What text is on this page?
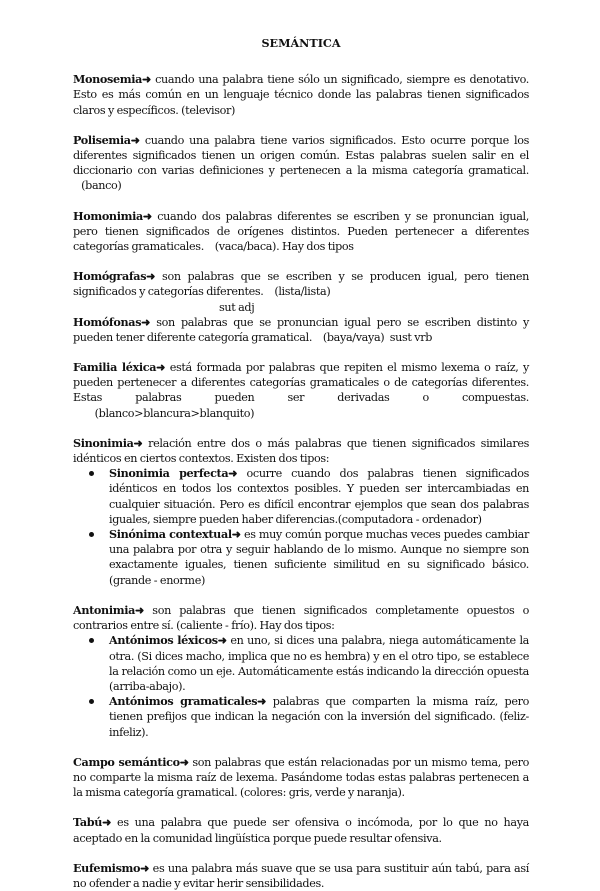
SEMÁNTICA

Monosemia➜ cuando una palabra tiene sólo un significado, siempre es denotativo. Esto es más común en un lenguaje técnico donde las palabras tienen significados claros y específicos. (televisor)

Polisemia➜ cuando una palabra tiene varios significados. Esto ocurre porque los diferentes significados tienen un origen común. Estas palabras suelen salir en el diccionario con varias definiciones y pertenecen a la misma categoría gramatical.    (banco)

Homonimia➜ cuando dos palabras diferentes se escriben y se pronuncian igual, pero tienen significados de orígenes distintos. Pueden pertenecer a diferentes categorías gramaticales. (vaca/baca). Hay dos tipos

Homógrafas➜ son palabras que se escriben y se producen igual, pero tienen significados y categorías diferentes. (lista/lista)

sut adj

Homófonas➜ son palabras que se pronuncian igual pero se escriben distinto y pueden tener diferente categoría gramatical. (baya/vaya) sust vrb

Familia léxica➜ está formada por palabras que repiten el mismo lexema o raíz, y pueden pertenecer a diferentes categorías gramaticales o de categorías diferentes. Estas palabras pueden ser derivadas o compuestas.         (blanco>blancura>blanquito)

Sinonimia➜ relación entre dos o más palabras que tienen significados similares idénticos en ciertos contextos. Existen dos tipos:

Sinonimia perfecta➜ ocurre cuando dos palabras tienen significados idénticos en todos los contextos posibles. Y pueden ser intercambiadas en cualquier situación. Pero es difícil encontrar ejemplos que sean dos palabras iguales, siempre pueden haber diferencias.(computadora - ordenador)
Sinónima contextual➜ es muy común porque muchas veces puedes cambiar una palabra por otra y seguir hablando de lo mismo. Aunque no siempre son exactamente iguales, tienen suficiente similitud en su significado básico. (grande - enorme)

Antonimia➜ son palabras que tienen significados completamente opuestos o contrarios entre sí. (caliente - frío). Hay dos tipos:

Antónimos léxicos➜ en uno, si dices una palabra, niega automáticamente la otra. (Si dices macho, implica que no es hembra) y en el otro tipo, se establece la relación como un eje. Automáticamente estás indicando la dirección opuesta (arriba-abajo).
Antónimos gramaticales➜ palabras que comparten la misma raíz, pero tienen prefijos que indican la negación con la inversión del significado. (feliz- infeliz).

Campo semántico➜ son palabras que están relacionadas por un mismo tema, pero no comparte la misma raíz de lexema. Pasándome todas estas palabras pertenecen a la misma categoría gramatical. (colores: gris, verde y naranja).

Tabú➜ es una palabra que puede ser ofensiva o incómoda, por lo que no haya aceptado en la comunidad lingüística porque puede resultar ofensiva.

Eufemismo➜ es una palabra más suave que se usa para sustituir aún tabú, para así no ofender a nadie y evitar herir sensibilidades.
